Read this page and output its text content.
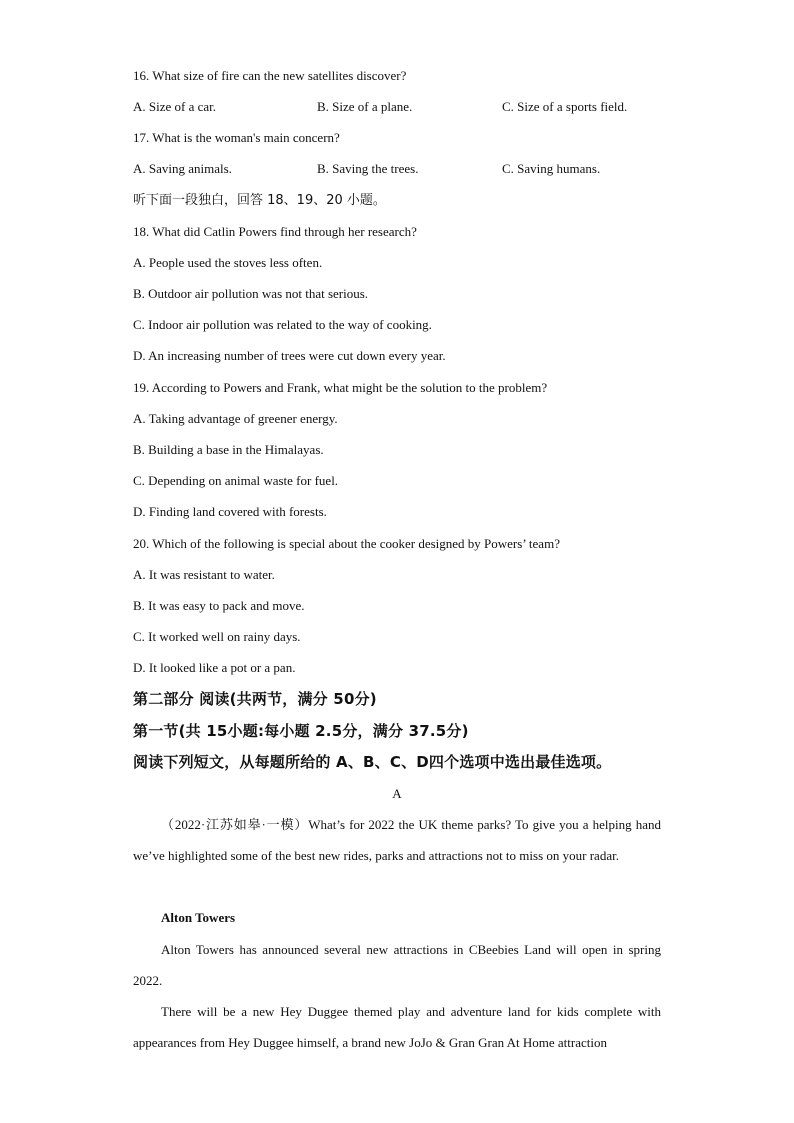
16. What size of fire can the new satellites discover?
A. Size of a car.	B. Size of a plane.	C. Size of a sports field.
17. What is the woman's main concern?
A. Saving animals.	B. Saving the trees.	C. Saving humans.
听下面一段独白，回答 18、19、20 小题。
18. What did Catlin Powers find through her research?
A. People used the stoves less often.
B. Outdoor air pollution was not that serious.
C. Indoor air pollution was related to the way of cooking.
D. An increasing number of trees were cut down every year.
19. According to Powers and Frank, what might be the solution to the problem?
A. Taking advantage of greener energy.
B. Building a base in the Himalayas.
C. Depending on animal waste for fuel.
D. Finding land covered with forests.
20. Which of the following is special about the cooker designed by Powers’ team?
A. It was resistant to water.
B. It was easy to pack and move.
C. It worked well on rainy days.
D. It looked like a pot or a pan.
第二部分 阅读(共两节，满分 50分)
第一节(共 15小题:每小题 2.5分，满分 37.5分)
阅读下列短文，从每题所给的 A、B、C、D四个选项中选出最佳选项。
A
（2022·江苏如皋·一模）What’s for 2022 the UK theme parks? To give you a helping hand we’ve highlighted some of the best new rides, parks and attractions not to miss on your radar.
Alton Towers
Alton Towers has announced several new attractions in CBeebies Land will open in spring 2022.
There will be a new Hey Duggee themed play and adventure land for kids complete with appearances from Hey Duggee himself, a brand new JoJo & Gran Gran At Home attraction
